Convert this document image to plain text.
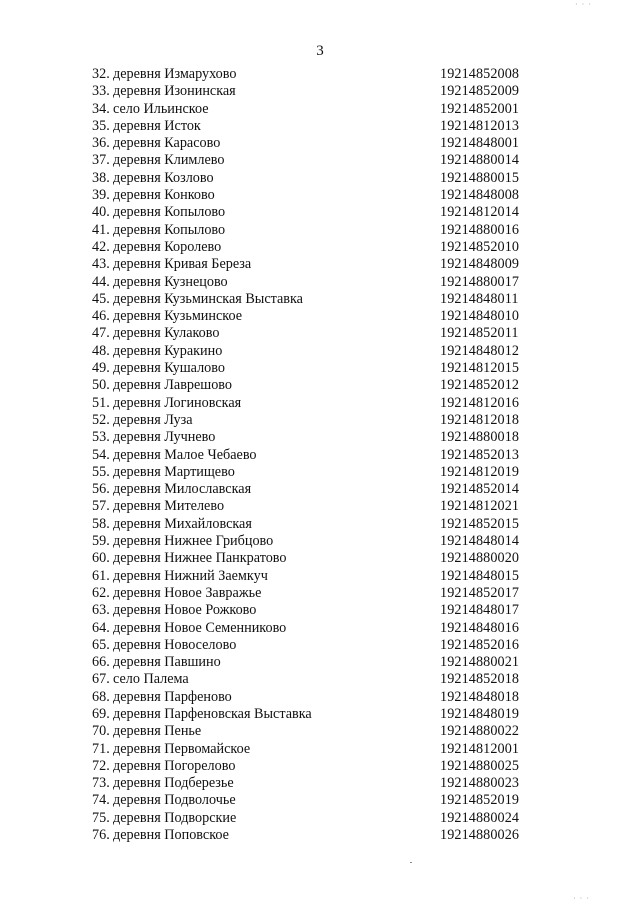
· · ·
· · ·
3
32. деревня Измарухово	19214852008
33. деревня Изонинская	19214852009
34. село Ильинское	19214852001
35. деревня Исток	19214812013
36. деревня Карасово	19214848001
37. деревня Климлево	19214880014
38. деревня Козлово	19214880015
39. деревня Конково	19214848008
40. деревня Копылово	19214812014
41. деревня Копылово	19214880016
42. деревня Королево	19214852010
43. деревня Кривая Береза	19214848009
44. деревня Кузнецово	19214880017
45. деревня Кузьминская Выставка	19214848011
46. деревня Кузьминское	19214848010
47. деревня Кулаково	19214852011
48. деревня Куракино	19214848012
49. деревня Кушалово	19214812015
50. деревня Лаврешово	19214852012
51. деревня Логиновская	19214812016
52. деревня Луза	19214812018
53. деревня Лучнево	19214880018
54. деревня Малое Чебаево	19214852013
55. деревня Мартищево	19214812019
56. деревня Милославская	19214852014
57. деревня Мителево	19214812021
58. деревня Михайловская	19214852015
59. деревня Нижнее Грибцово	19214848014
60. деревня Нижнее Панкратово	19214880020
61. деревня Нижний Заемкуч	19214848015
62. деревня Новое Завражье	19214852017
63. деревня Новое Рожково	19214848017
64. деревня Новое Семенниково	19214848016
65. деревня Новоселово	19214852016
66. деревня Павшино	19214880021
67. село Палема	19214852018
68. деревня Парфеново	19214848018
69. деревня Парфеновская Выставка	19214848019
70. деревня Пенье	19214880022
71. деревня Первомайское	19214812001
72. деревня Погорелово	19214880025
73. деревня Подберезье	19214880023
74. деревня Подволочье	19214852019
75. деревня Подворские	19214880024
76. деревня Поповское	19214880026
